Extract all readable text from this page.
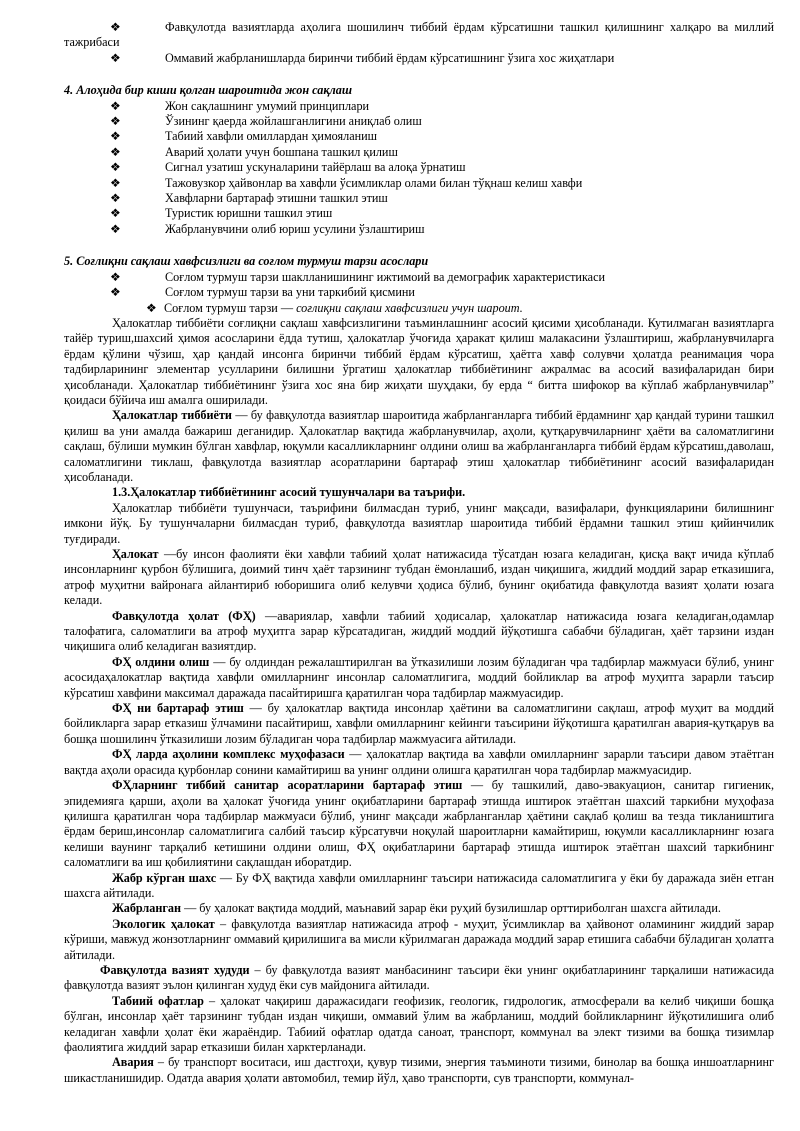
❖	Фавқулотда вазиятларда аҳолига шошилинч тиббий ёрдам кўрсатишни ташкил қилишнинг халқаро ва миллий тажрибаси
❖	Оммавий жабрланишларда биринчи тиббий ёрдам кўрсатишнинг ўзига хос жиҳатлари
4. Алоҳида бир киши қолган шароитида жон сақлаш
❖	Жон сақлашнинг умумий принциплари
❖	Ўзининг қаерда жойлашганлигини аниқлаб олиш
❖	Табиий хавфли омиллардан ҳимояланиш
❖	Аварий ҳолати учун бошпана ташкил қилиш
❖	Сигнал узатиш ускуналарини тайёрлаш ва алоқа ўрнатиш
❖	Тажовузкор ҳайвонлар ва хавфли ўсимликлар олами билан тўқнаш келиш хавфи
❖	Хавфларни бартараф этишни ташкил этиш
❖	Туристик юришни ташкил этиш
❖	Жабрланувчини олиб юриш усулини ўзлаштириш
5. Соғлиқни сақлаш хавфсизлиги ва соғлом турмуш тарзи асослари
❖	Соғлом турмуш тарзи шаклланишининг ижтимоий ва демографик характеристикаси
❖	Соғлом турмуш тарзи ва уни таркибий қисмини
❖ Соғлом турмуш тарзи — соғлиқни сақлаш хавфсизлиги учун шароит.

Ҳалокатлар тиббиёти соғлиқни сақлаш хавфсизлигини таъминлашнинг асосий қисими ҳисобланади. Кутилмаган вазиятларга тайёр туриш,шахсий ҳимоя асосларини ёдда тутиш, ҳалокатлар ўчоғида ҳаракат қилиш малакасини ўзлаштириш, жабрланувчиларга ёрдам қўлини чўзиш, ҳар қандай инсонга биринчи тиббий ёрдам кўрсатиш, ҳаётга хавф солувчи ҳолатда реанимация чора тадбирларининг элементар усулларини билишни ўргатиш ҳалокатлар тиббиётининг ажралмас ва асосий вазифаларидан бири ҳисобланади. Ҳалокатлар тиббиётининг ўзига хос яна бир жиҳати шуҳдаки, бу ерда “ битта шифокор ва кўплаб жабрланувчилар” қоидаси бўйича иш амалга оширилади.

Ҳалокатлар тиббиёти — бу фавқулотда вазиятлар шароитида жабрланганларга тиббий ёрдамнинг ҳар қандай турини ташкил қилиш ва уни амалда бажариш деганидир. Ҳалокатлар вақтида жабрланувчилар, аҳоли, қутқарувчиларнинг ҳаёти ва саломатлигини сақлаш, бўлиши мумкин бўлган хавфлар, юқумли касалликларнинг олдини олиш ва жабрланганларга тиббий ёрдам кўрсатиш,даволаш, саломатлигини тиклаш, фавқулотда вазиятлар асоратларини бартараф этиш ҳалокатлар тиббиётининг асосий вазифаларидан ҳисобланади.

1.3.Ҳалокатлар тиббиётининг асосий тушунчалари ва таърифи.

Ҳалокатлар тиббиёти тушунчаси, таърифини билмасдан туриб, унинг мақсади, вазифалари, функцияларини билишнинг имкони йўқ. Бу тушунчаларни билмасдан туриб, фавқулотда вазиятлар шароитида тиббий ёрдамни ташкил этиш қийинчилик туғдиради.

Ҳалокат —бу инсон фаолияти ёки хавфли табиий ҳолат натижасида тўсатдан юзага келадиган, қисқа вақт ичида кўплаб инсонларнинг қурбон бўлишига, доимий тинч ҳаёт тарзининг тубдан ёмонлашиб, издан чиқишига, жиддий моддий зарар етказишига, атроф муҳитни вайронага айлантириб юборишига олиб келувчи ҳодиса бўлиб, бунинг оқибатида фавқулотда вазият ҳолати юзага келади.

Фавқулотда ҳолат (ФҲ) —авариялар, хавфли табиий ҳодисалар, ҳалокатлар натижасида юзага келадиган,одамлар талофатига, саломатлиги ва атроф муҳитга зарар кўрсатадиган, жиддий моддий йўқотишга сабабчи бўладиган, ҳаёт тарзини издан чиқишига олиб келадиган вазиятдир.

ФҲ олдини олиш — бу олдиндан режалаштирилган ва ўтказилиши лозим бўладиган чра тадбирлар мажмуаси бўлиб, унинг асосидаҳалокатлар вақтида хавфли омилларнинг инсонлар саломатлигига, моддий бойликлар ва атроф муҳитга зарарли таъсир кўрсатиш хавфини максимал даражада пасайтиришга қаратилган чора тадбирлар мажмуасидир.

ФҲ ни бартараф этиш — бу ҳалокатлар вақтида инсонлар ҳаётини ва саломатлигини сақлаш, атроф муҳит ва моддий бойликларга зарар етказиш ўлчамини пасайтириш, хавфли омилларнинг кейинги таъсирини йўқотишга қаратилган авария-қутқарув ва бошқа шошилинч ўтказилиши лозим бўладиган чора тадбирлар мажмуасига айтилади.

ФҲ ларда аҳолини комплекс муҳофазаси — ҳалокатлар вақтида ва хавфли омилларнинг зарарли таъсири давом этаётган вақтда аҳоли орасида қурбонлар сонини камайтириш ва унинг олдини олишга қаратилган чора тадбирлар мажмуасидир.

ФҲларнинг тиббий санитар асоратларини бартараф этиш — бу ташкилий, даво-эвакуацион, санитар гигиеник, эпидемияга қарши, аҳоли ва ҳалокат ўчоғида унинг оқибатларини бартараф этишда иштирок этаётган шахсий таркибни муҳофаза қилишга қаратилган чора тадбирлар мажмуаси бўлиб, унинг мақсади жабрланганлар ҳаётини сақлаб қолиш ва тезда тиклаништига ёрдам бериш,инсонлар саломатлигига салбий таъсир кўрсатувчи ноқулай шароитларни камайтириш, юқумли касалликларнинг юзага келиши ваунинг тарқалиб кетишини олдини олиш, ФҲ оқибатларини бартараф этишда иштирок этаётган шахсий таркибнинг саломатлиги ва иш қобилиятини сақлашдан иборатдир.

Жабр кўрган шахс — Бу ФҲ вақтида хавфли омилларнинг таъсири натижасида саломатлигига у ёки бу даражада зиён етган шахсга айтилади.

Жабрланган — бу ҳалокат вақтида моддий, маънавий зарар ёки руҳий бузилишлар орттириболган шахсга айтилади.

Экологик ҳалокат – фавқулотда вазиятлар натижасида атроф - муҳит, ўсимликлар ва ҳайвонот оламининг жиддий зарар кўриши, мавжуд жонзотларнинг оммавий қирилишига ва мисли кўрилмаган даражада моддий зарар етишига сабабчи бўладиган ҳолатга айтилади.

Фавқулотда вазият худуди – бу фавқулотда вазият манбасининг таъсири ёки унинг оқибатларининг тарқалиши натижасида фавқулотда вазият эълон қилинган худуд ёки сув майдонига айтилади.

Табиий офатлар – ҳалокат чақириш даражасидаги геофизик, геологик, гидрологик, атмосферали ва келиб чиқиши бошқа бўлган, инсонлар ҳаёт тарзининг тубдан издан чиқиши, оммавий ўлим ва жабрланиш, моддий бойликларнинг йўқотилишига олиб келадиган хавфли ҳолат ёки жараёндир. Табиий офатлар одатда саноат, транспорт, коммунал ва элект тизими ва бошқа тизимлар фаолиятига жиддий зарар етказиши билан харктерланади.

Авария – бу транспорт воситаси, иш дастгоҳи, қувур тизими, энергия таъминоти тизими, бинолар ва бошқа иншоатларнинг шикастланишидир. Одатда авария ҳолати автомобил, темир йўл, ҳаво транспорти, сув транспорти, коммунал-
